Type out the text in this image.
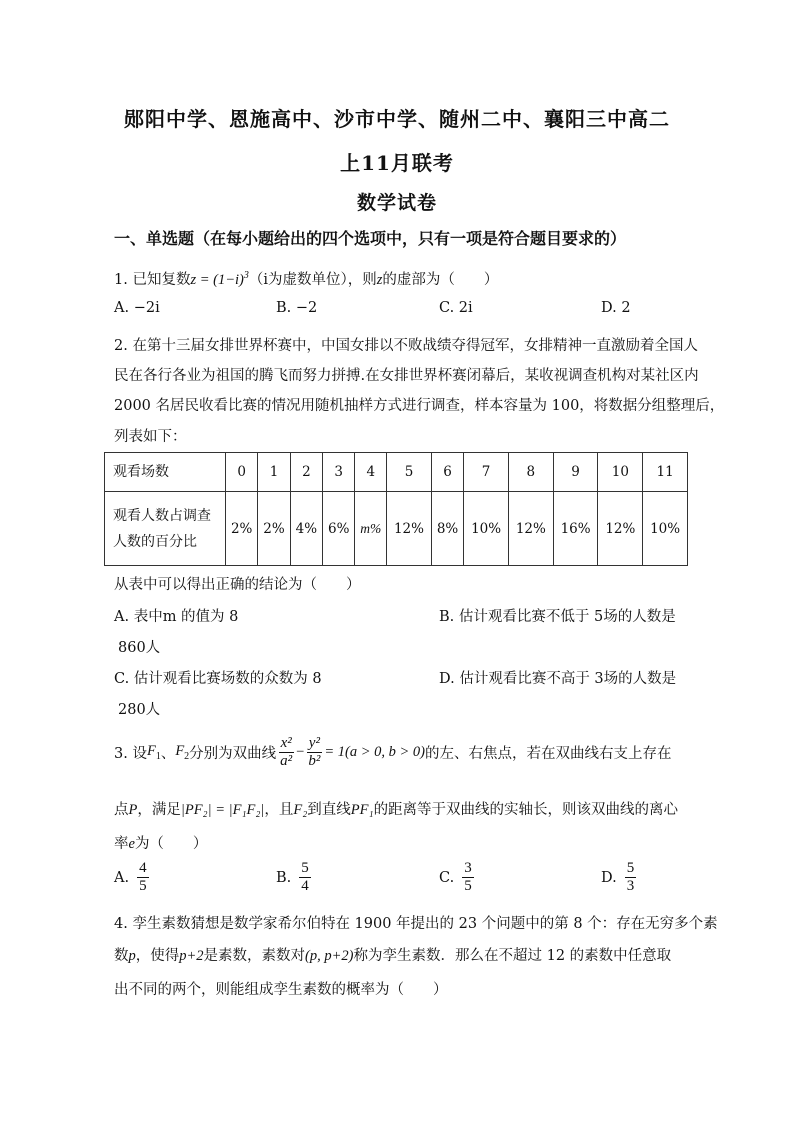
郧阳中学、恩施高中、沙市中学、随州二中、襄阳三中高二
上11月联考
数学试卷
一、单选题（在每小题给出的四个选项中，只有一项是符合题目要求的）
1. 已知复数$z = (1-i)^3(i$为虚数单位），则z的虚部为（　　）
A. −2i	B. −2	C. 2i	D. 2
2. 在第十三届女排世界杯赛中，中国女排以不败战绩夺得冠军，女排精神一直激励着全国人
民在各行各业为祖国的腾飞而努力拼搏.在女排世界杯赛闭幕后，某收视调查机构对某社区内
2000 名居民收看比赛的情况用随机抽样方式进行调查，样本容量为 100，将数据分组整理后，
列表如下：
观看场数	0	1	2	3	4	5	6	7	8	9	10	11
观看人数占调查
人数的百分比	2%	2%	4%	6%	m%	12%	8%	10%	12%	16%	12%	10%
从表中可以得出正确的结论为（　　）
A. 表中m 的值为 8	B. 估计观看比赛不低于 5场的人数是
860人
C. 估计观看比赛场数的众数为 8	D. 估计观看比赛不高于 3场的人数是
280人
3. 设 $F_1$ 、 $F_2$ 分别为双曲线 $\frac{\text{x²}}{\text{a²}} - \frac{\text{y²}}{\text{b²}} = 1(a > 0$, b > 0) 的左、右焦点，若在双曲线右支上存在
点P，满足|PF₂| = |F₁F₂|，且F₂到直线PF₁的距离等于双曲线的实轴长，则该双曲线的离心
率e为（　　）
A. $\frac{4}{5}$	B. $\frac{5}{4}$	C. $\frac{3}{5}$	D. $\frac{5}{3}$
4. 孪生素数猜想是数学家希尔伯特在 1900 年提出的 23 个问题中的第 8 个：存在无穷多个素
数p，使得p+2是素数，素数对(p, p+2)称为孪生素数．那么在不超过 12 的素数中任意取
出不同的两个，则能组成孪生素数的概率为（　　）
